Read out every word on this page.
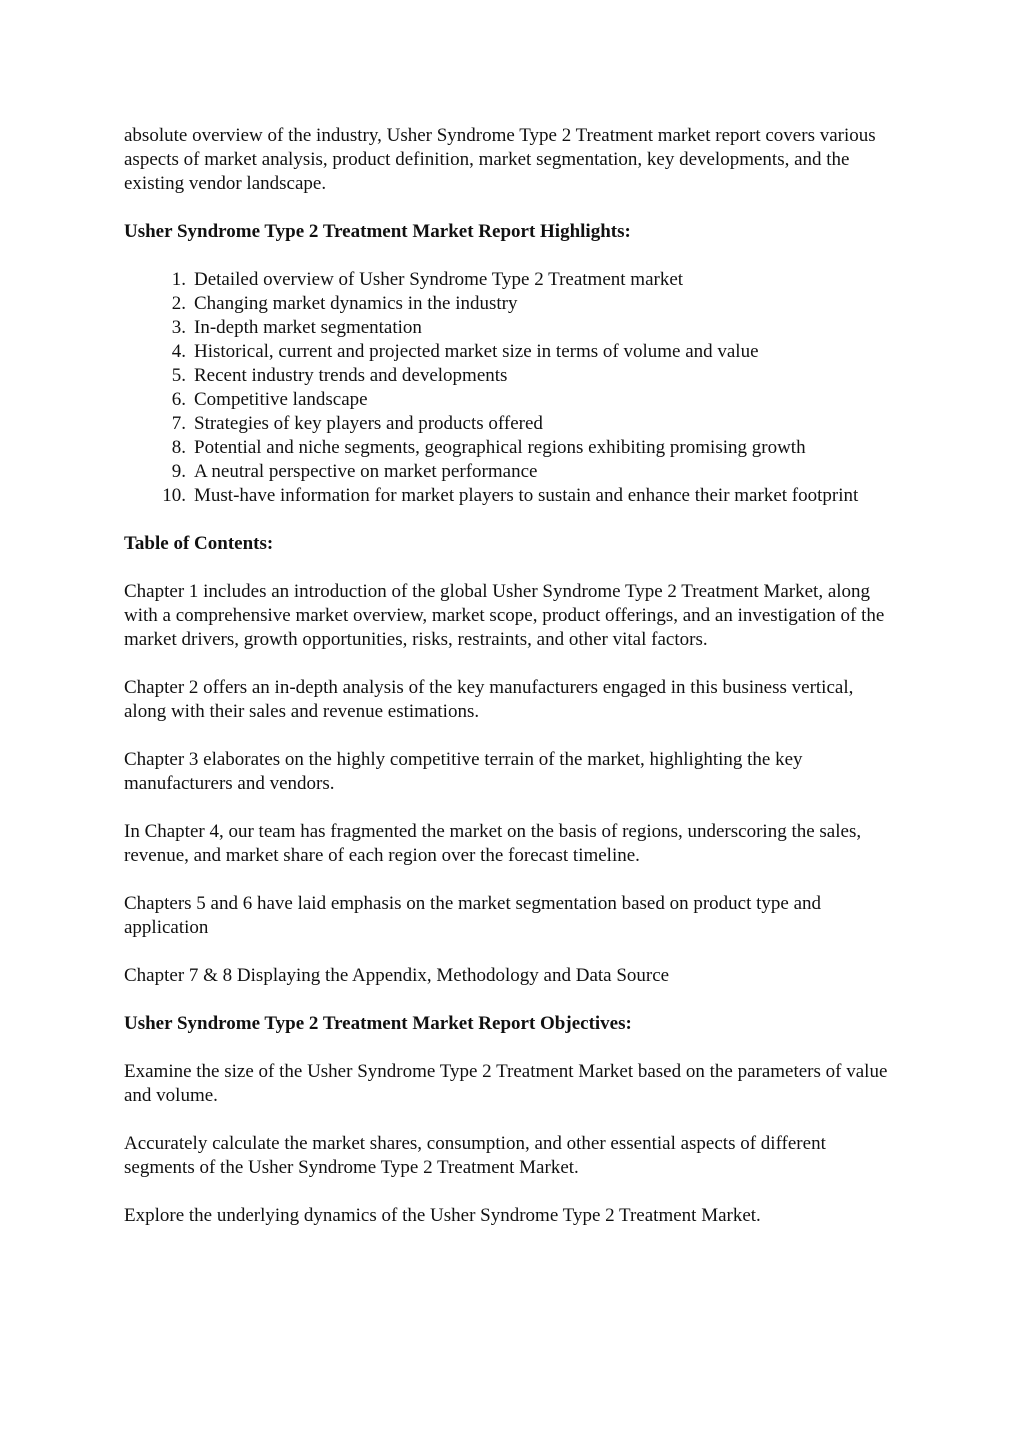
absolute overview of the industry, Usher Syndrome Type 2 Treatment market report covers various aspects of market analysis, product definition, market segmentation, key developments, and the existing vendor landscape.

Usher Syndrome Type 2 Treatment Market Report Highlights:

1. Detailed overview of Usher Syndrome Type 2 Treatment market
2. Changing market dynamics in the industry
3. In-depth market segmentation
4. Historical, current and projected market size in terms of volume and value
5. Recent industry trends and developments
6. Competitive landscape
7. Strategies of key players and products offered
8. Potential and niche segments, geographical regions exhibiting promising growth
9. A neutral perspective on market performance
10. Must-have information for market players to sustain and enhance their market footprint

Table of Contents:

Chapter 1 includes an introduction of the global Usher Syndrome Type 2 Treatment Market, along with a comprehensive market overview, market scope, product offerings, and an investigation of the market drivers, growth opportunities, risks, restraints, and other vital factors.

Chapter 2 offers an in-depth analysis of the key manufacturers engaged in this business vertical, along with their sales and revenue estimations.

Chapter 3 elaborates on the highly competitive terrain of the market, highlighting the key manufacturers and vendors.

In Chapter 4, our team has fragmented the market on the basis of regions, underscoring the sales, revenue, and market share of each region over the forecast timeline.

Chapters 5 and 6 have laid emphasis on the market segmentation based on product type and application

Chapter 7 & 8 Displaying the Appendix, Methodology and Data Source

Usher Syndrome Type 2 Treatment Market Report Objectives:

Examine the size of the Usher Syndrome Type 2 Treatment Market based on the parameters of value and volume.

Accurately calculate the market shares, consumption, and other essential aspects of different segments of the Usher Syndrome Type 2 Treatment Market.

Explore the underlying dynamics of the Usher Syndrome Type 2 Treatment Market.
